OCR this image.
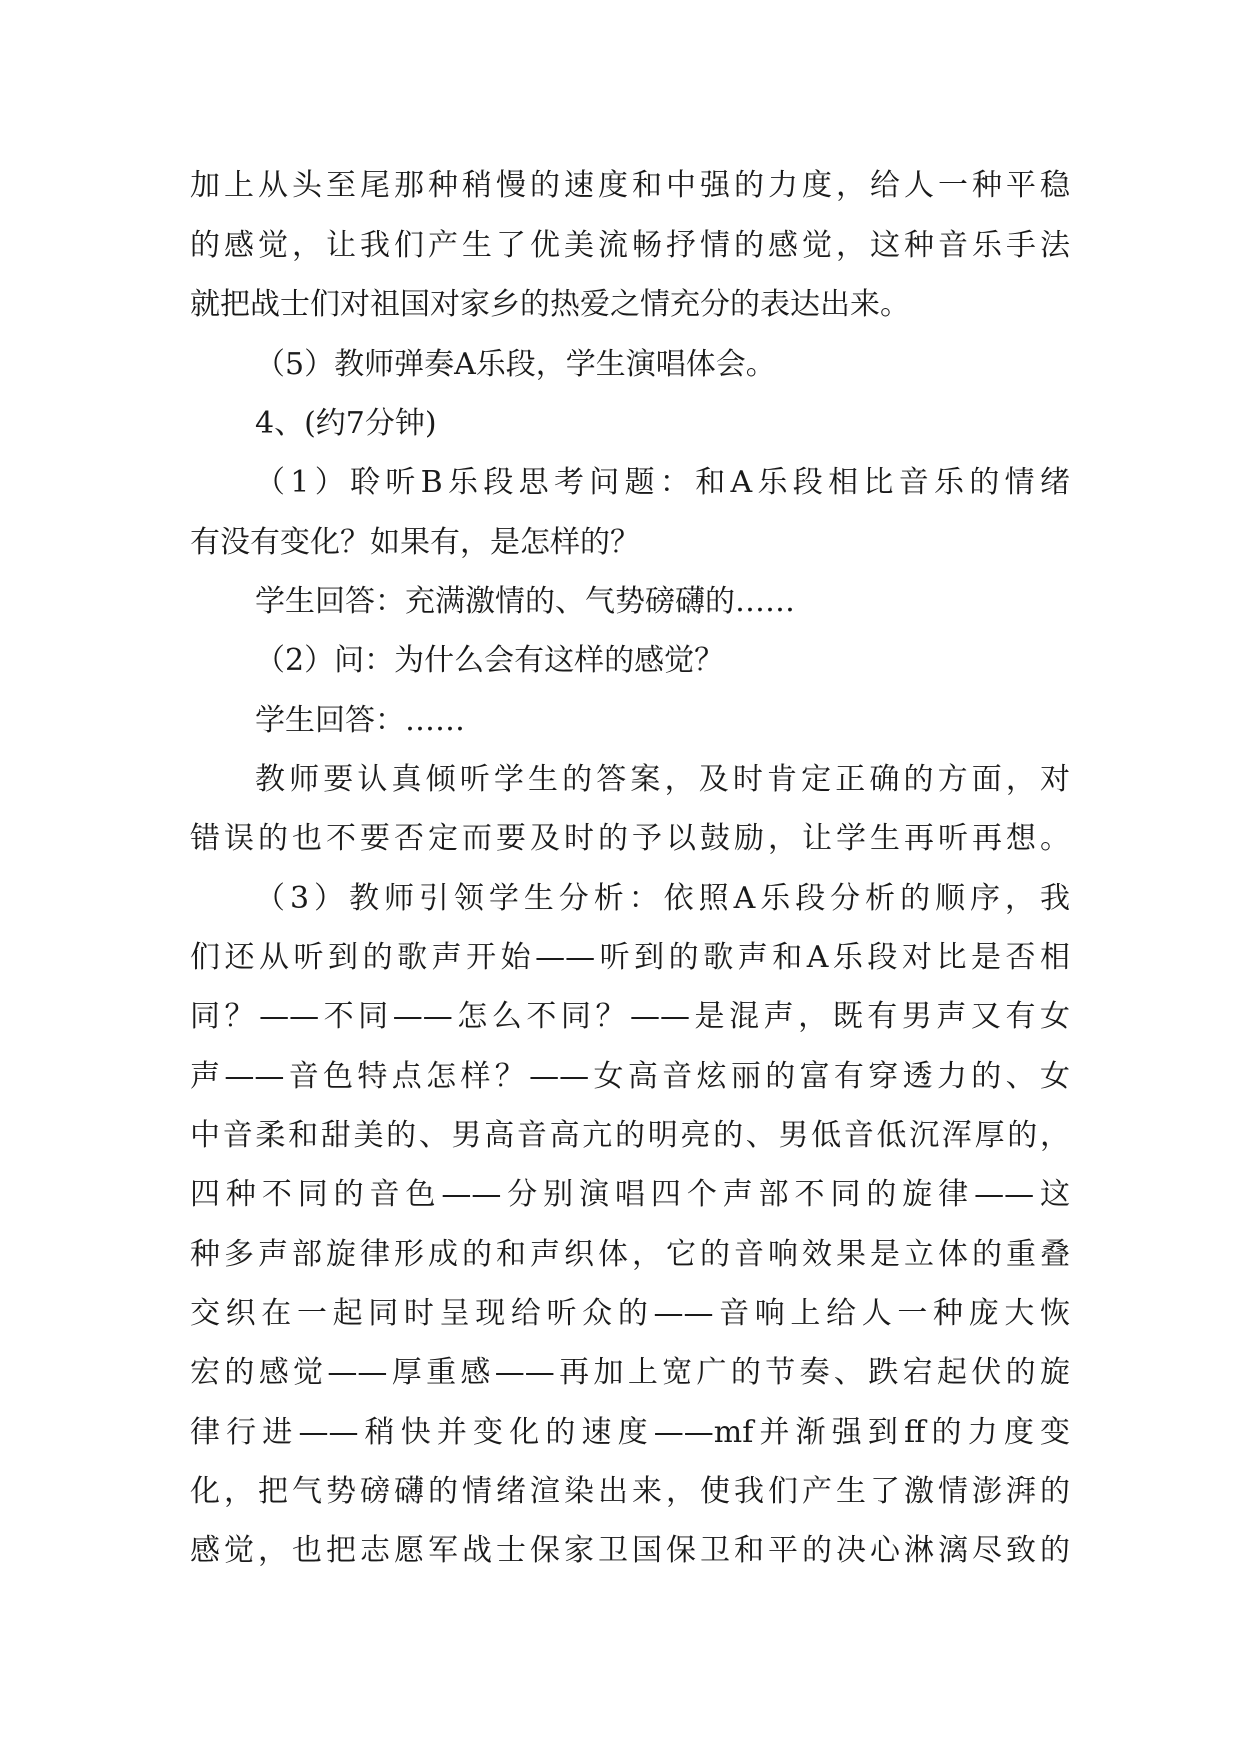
加上从头至尾那种稍慢的速度和中强的力度，给人一种平稳
的感觉，让我们产生了优美流畅抒情的感觉，这种音乐手法
就把战士们对祖国对家乡的热爱之情充分的表达出来。
（5）教师弹奏A乐段，学生演唱体会。
4、(约7分钟)
（1）聆听B乐段思考问题：和A乐段相比音乐的情绪
有没有变化？如果有，是怎样的？
学生回答：充满激情的、气势磅礴的……
（2）问：为什么会有这样的感觉？
学生回答：……
教师要认真倾听学生的答案，及时肯定正确的方面，对
错误的也不要否定而要及时的予以鼓励，让学生再听再想。
（3）教师引领学生分析：依照A乐段分析的顺序，我
们还从听到的歌声开始——听到的歌声和A乐段对比是否相
同？——不同——怎么不同？——是混声，既有男声又有女
声——音色特点怎样？——女高音炫丽的富有穿透力的、女
中音柔和甜美的、男高音高亢的明亮的、男低音低沉浑厚的，
四种不同的音色——分别演唱四个声部不同的旋律——这
种多声部旋律形成的和声织体，它的音响效果是立体的重叠
交织在一起同时呈现给听众的——音响上给人一种庞大恢
宏的感觉——厚重感——再加上宽广的节奏、跌宕起伏的旋
律行进——稍快并变化的速度——mf并渐强到ff的力度变
化，把气势磅礴的情绪渲染出来，使我们产生了激情澎湃的
感觉，也把志愿军战士保家卫国保卫和平的决心淋漓尽致的
